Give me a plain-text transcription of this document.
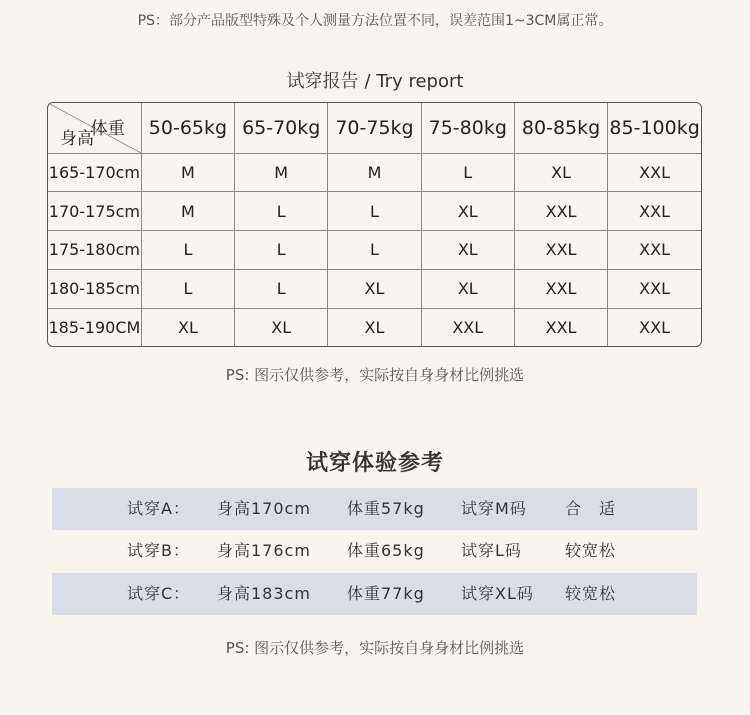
PS：部分产品版型特殊及个人测量方法位置不同，误差范围1~3CM属正常。
试穿报告 / Try report
体重
身高	50-65kg	65-70kg	70-75kg	75-80kg	80-85kg	85-100kg
165-170cm	M	M	M	L	XL	XXL
170-175cm	M	L	L	XL	XXL	XXL
175-180cm	L	L	L	XL	XXL	XXL
180-185cm	L	L	XL	XL	XXL	XXL
185-190CM	XL	XL	XL	XXL	XXL	XXL
PS: 图示仅供参考，实际按自身身材比例挑选
试穿体验参考
试穿A： 身高170cm 体重57kg 试穿M码 合　适
试穿B： 身高176cm 体重65kg 试穿L码	较宽松
试穿C： 身高183cm 体重77kg 试穿XL码 较宽松
PS: 图示仅供参考，实际按自身身材比例挑选
